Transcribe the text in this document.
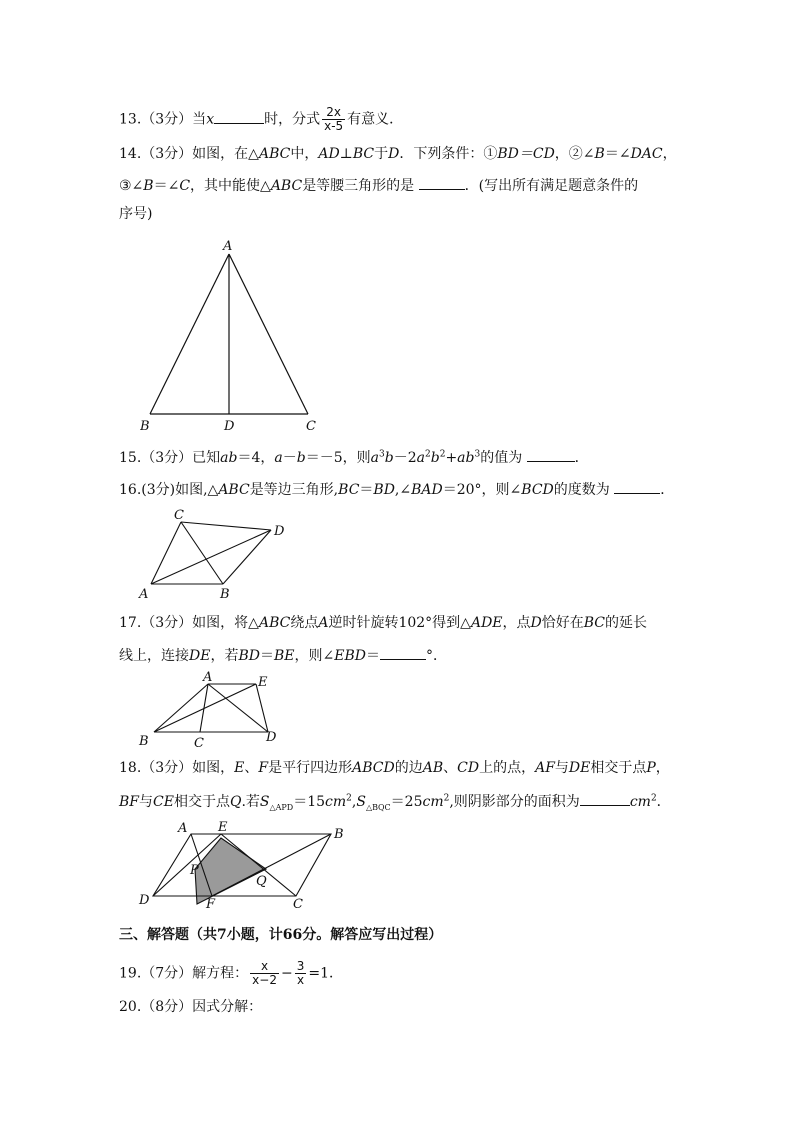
13.（3分）当x	时，分式 $\frac{2x}{x-5}$ 有意义．
14.（3分）如图，在△ABC中，AD⊥BC于D．下列条件：①BD＝CD，②∠B＝∠DAC，
③∠B＝∠C，其中能使△ABC是等腰三角形的是	．(写出所有满足题意条件的
序号)
A
B	D	C
15.（3分）已知ab＝4，a－b＝－5，则$a^3b-2a^2b^2+ab^3$的值为	．
16.(3分)如图,△ABC是等边三角形,BC＝BD,∠BAD＝20°，则∠BCD的度数为	．
C
D
A	B
17.（3分）如图，将△ABC绕点A逆时针旋转102°得到△ADE，点D恰好在BC的延长
线上，连接DE，若BD＝BE，则∠EBD＝	°．
A	E
B	C	D
18.（3分）如图，E、F是平行四边形ABCD的边AB、CD上的点，AF与DE相交于点P，
BF与CE相交于点Q.若$S_{\triangle APD}=15cm^2,S_{\triangle BQC}=25cm^2$,则阴影部分的面积为	$cm^2$．
A E	B
P
Q
D	F	C
三、解答题（共7小题，计66分。解答应写出过程）
19.（7分）解方程： $\frac{x}{x-2} - \frac{3}{x} =1$．
20.（8分）因式分解：
